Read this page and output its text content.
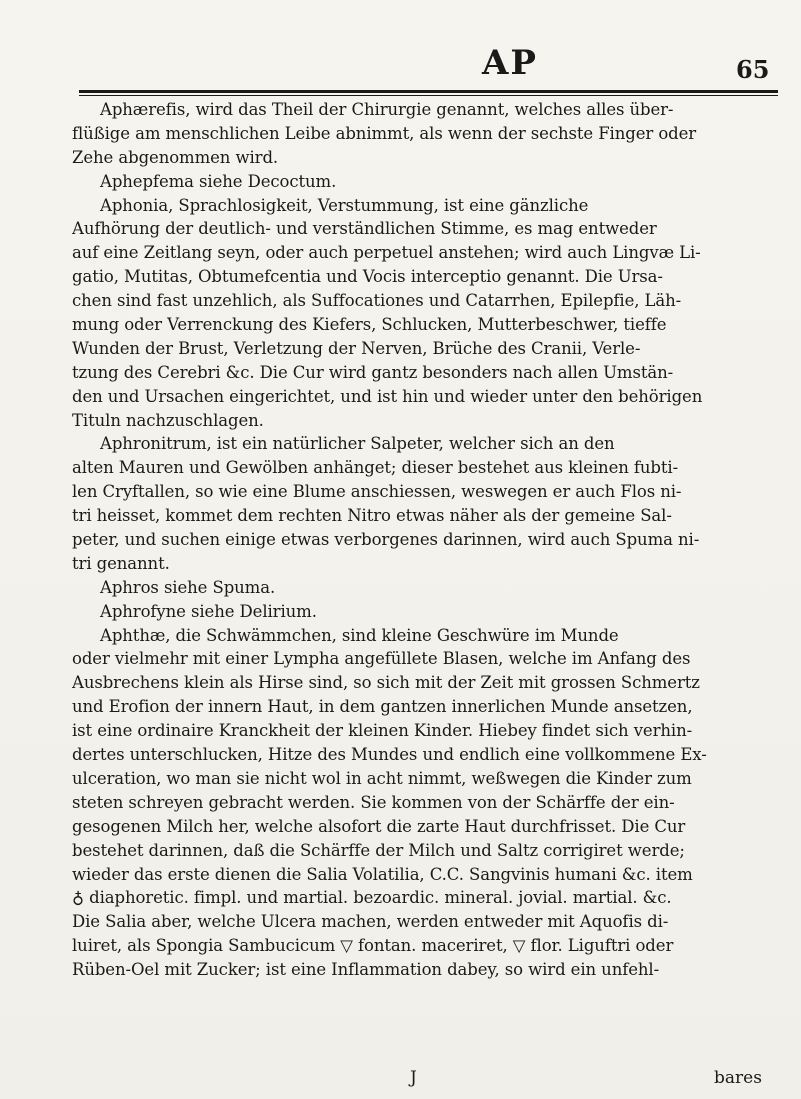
AP	65
Aphærefis, wird das Theil der Chirurgie genannt, welches alles über-
flüßige am menschlichen Leibe abnimmt, als wenn der sechste Finger oder
Zehe abgenommen wird.
Aphepfema siehe Decoctum.
Aphonia, Sprachlosigkeit, Verstummung, ist eine gänzliche
Aufhörung der deutlich- und verständlichen Stimme, es mag entweder
auf eine Zeitlang seyn, oder auch perpetuel anstehen; wird auch Lingvæ Li-
gatio, Mutitas, Obtumefcentia und Vocis interceptio genannt. Die Ursa-
chen sind fast unzehlich, als Suffocationes und Catarrhen, Epilepfie, Läh-
mung oder Verrenckung des Kiefers, Schlucken, Mutterbeschwer, tieffe
Wunden der Brust, Verletzung der Nerven, Brüche des Cranii, Verle-
tzung des Cerebri &c. Die Cur wird gantz besonders nach allen Umstän-
den und Ursachen eingerichtet, und ist hin und wieder unter den behörigen
Tituln nachzuschlagen.
Aphronitrum, ist ein natürlicher Salpeter, welcher sich an den
alten Mauren und Gewölben anhänget; dieser bestehet aus kleinen fubti-
len Cryftallen, so wie eine Blume anschiessen, weswegen er auch Flos ni-
tri heisset, kommet dem rechten Nitro etwas näher als der gemeine Sal-
peter, und suchen einige etwas verborgenes darinnen, wird auch Spuma ni-
tri genannt.
Aphros siehe Spuma.
Aphrofyne siehe Delirium.
Aphthæ, die Schwämmchen, sind kleine Geschwüre im Munde
oder vielmehr mit einer Lympha angefüllete Blasen, welche im Anfang des
Ausbrechens klein als Hirse sind, so sich mit der Zeit mit grossen Schmertz
und Erofion der innern Haut, in dem gantzen innerlichen Munde ansetzen,
ist eine ordinaire Kranckheit der kleinen Kinder. Hiebey findet sich verhin-
dertes unterschlucken, Hitze des Mundes und endlich eine vollkommene Ex-
ulceration, wo man sie nicht wol in acht nimmt, weßwegen die Kinder zum
steten schreyen gebracht werden. Sie kommen von der Schärffe der ein-
gesogenen Milch her, welche alsofort die zarte Haut durchfrisset. Die Cur
bestehet darinnen, daß die Schärffe der Milch und Saltz corrigiret werde;
wieder das erste dienen die Salia Volatilia, C.C. Sangvinis humani &c. item
♁ diaphoretic. fimpl. und martial. bezoardic. mineral. jovial. martial. &c.
Die Salia aber, welche Ulcera machen, werden entweder mit Aquofis di-
luiret, als Spongia Sambucicum ▽ fontan. maceriret, ▽ flor. Liguftri oder
Rüben-Oel mit Zucker; ist eine Inflammation dabey, so wird ein unfehl-
J	bares
